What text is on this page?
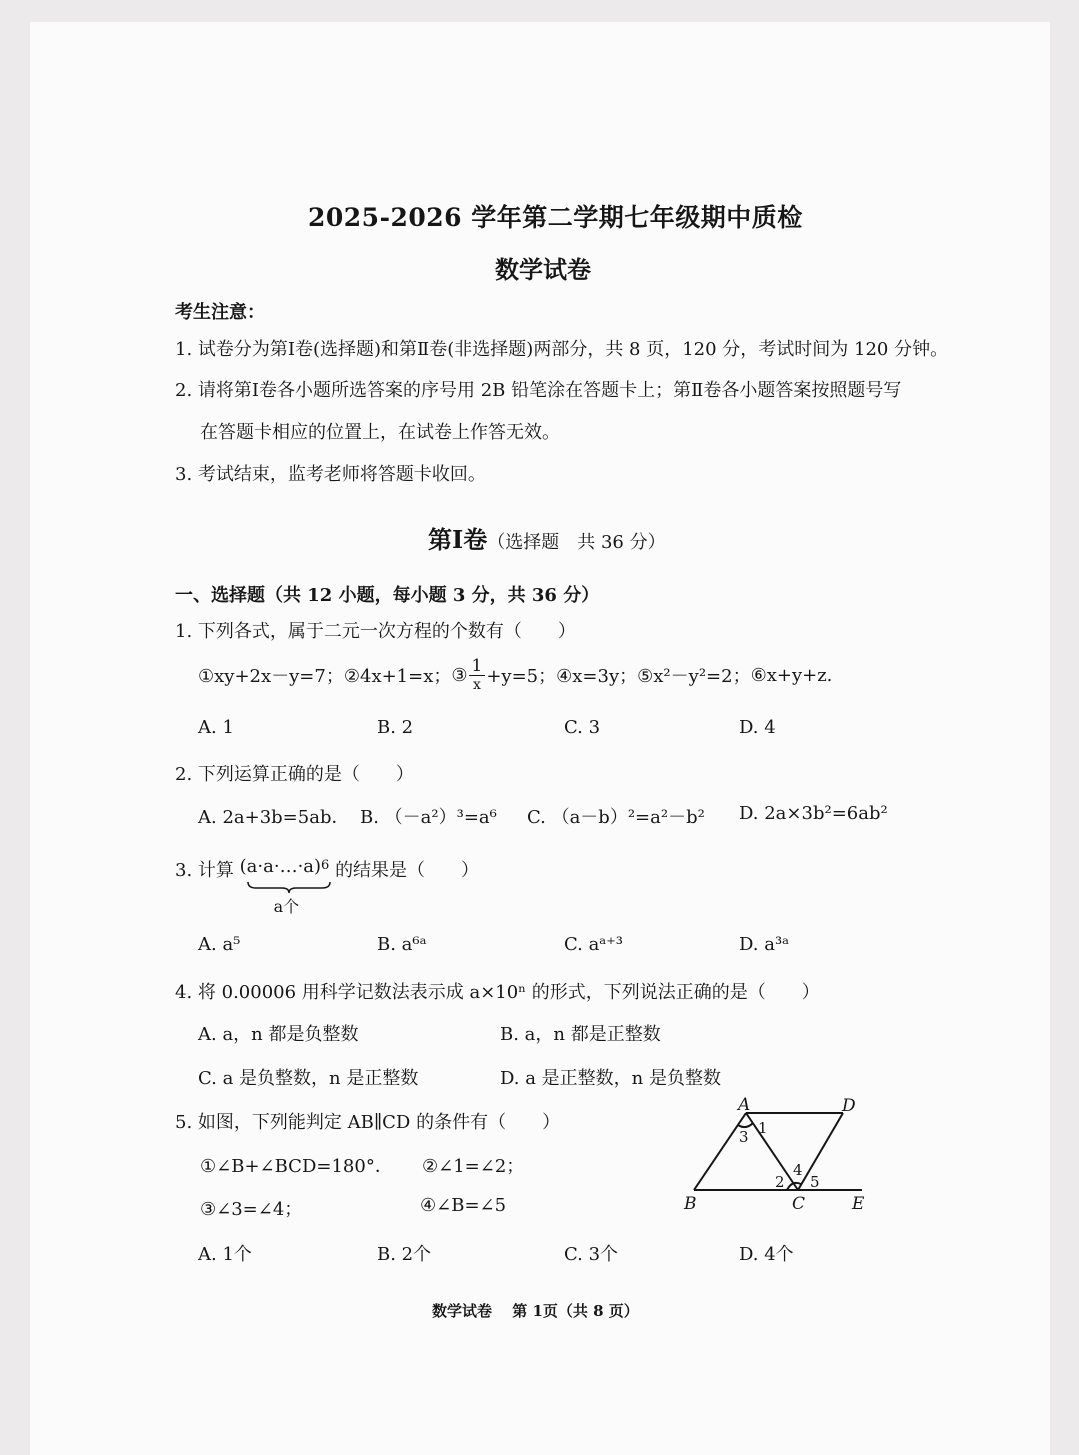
2025-2026 学年第二学期七年级期中质检
数学试卷
考生注意：
1. 试卷分为第Ⅰ卷(选择题)和第Ⅱ卷(非选择题)两部分，共 8 页，120 分，考试时间为 120 分钟。
2. 请将第Ⅰ卷各小题所选答案的序号用 2B 铅笔涂在答题卡上；第Ⅱ卷各小题答案按照题号写
在答题卡相应的位置上，在试卷上作答无效。
3. 考试结束，监考老师将答题卡收回。
第Ⅰ卷（选择题　共 36 分）
一、选择题（共 12 小题，每小题 3 分，共 36 分）
1. 下列各式，属于二元一次方程的个数有（　　）
①xy+2x－y=7； ②4x+1=x； ③ $\frac{1}{x} +y=5$； ④x=3y； ⑤x²－y²=2； ⑥x+y+z.
A. 1	B. 2	C. 3	D. 4
2. 下列运算正确的是（　　）
A. 2a+3b=5ab． B. （－a²）³=a⁶ C. （a－b）²=a²－b² D. 2a×3b²=6ab²
3. 计算 (a·a·…·a)
a个
$^6$ 的结果是（　　）
A. a⁵	B. a⁶ᵃ	C. aᵃ⁺³	D. a³ᵃ
4. 将 0.00006 用科学记数法表示成 a×10ⁿ 的形式，下列说法正确的是（　　）
A. a，n 都是负整数	B. a，n 都是正整数
C. a 是负整数，n 是正整数	D. a 是正整数，n 是负整数
5. 如图，下列能判定 AB∥CD 的条件有（　　）
①∠B+∠BCD=180°． ②∠1=∠2；
③∠3=∠4；	④∠B=∠5
A. 1个	B. 2个	C. 3个	D. 4个
A	D
B	C	E
1
3
2
4
5
数学试卷　 第 1页（共 8 页）
